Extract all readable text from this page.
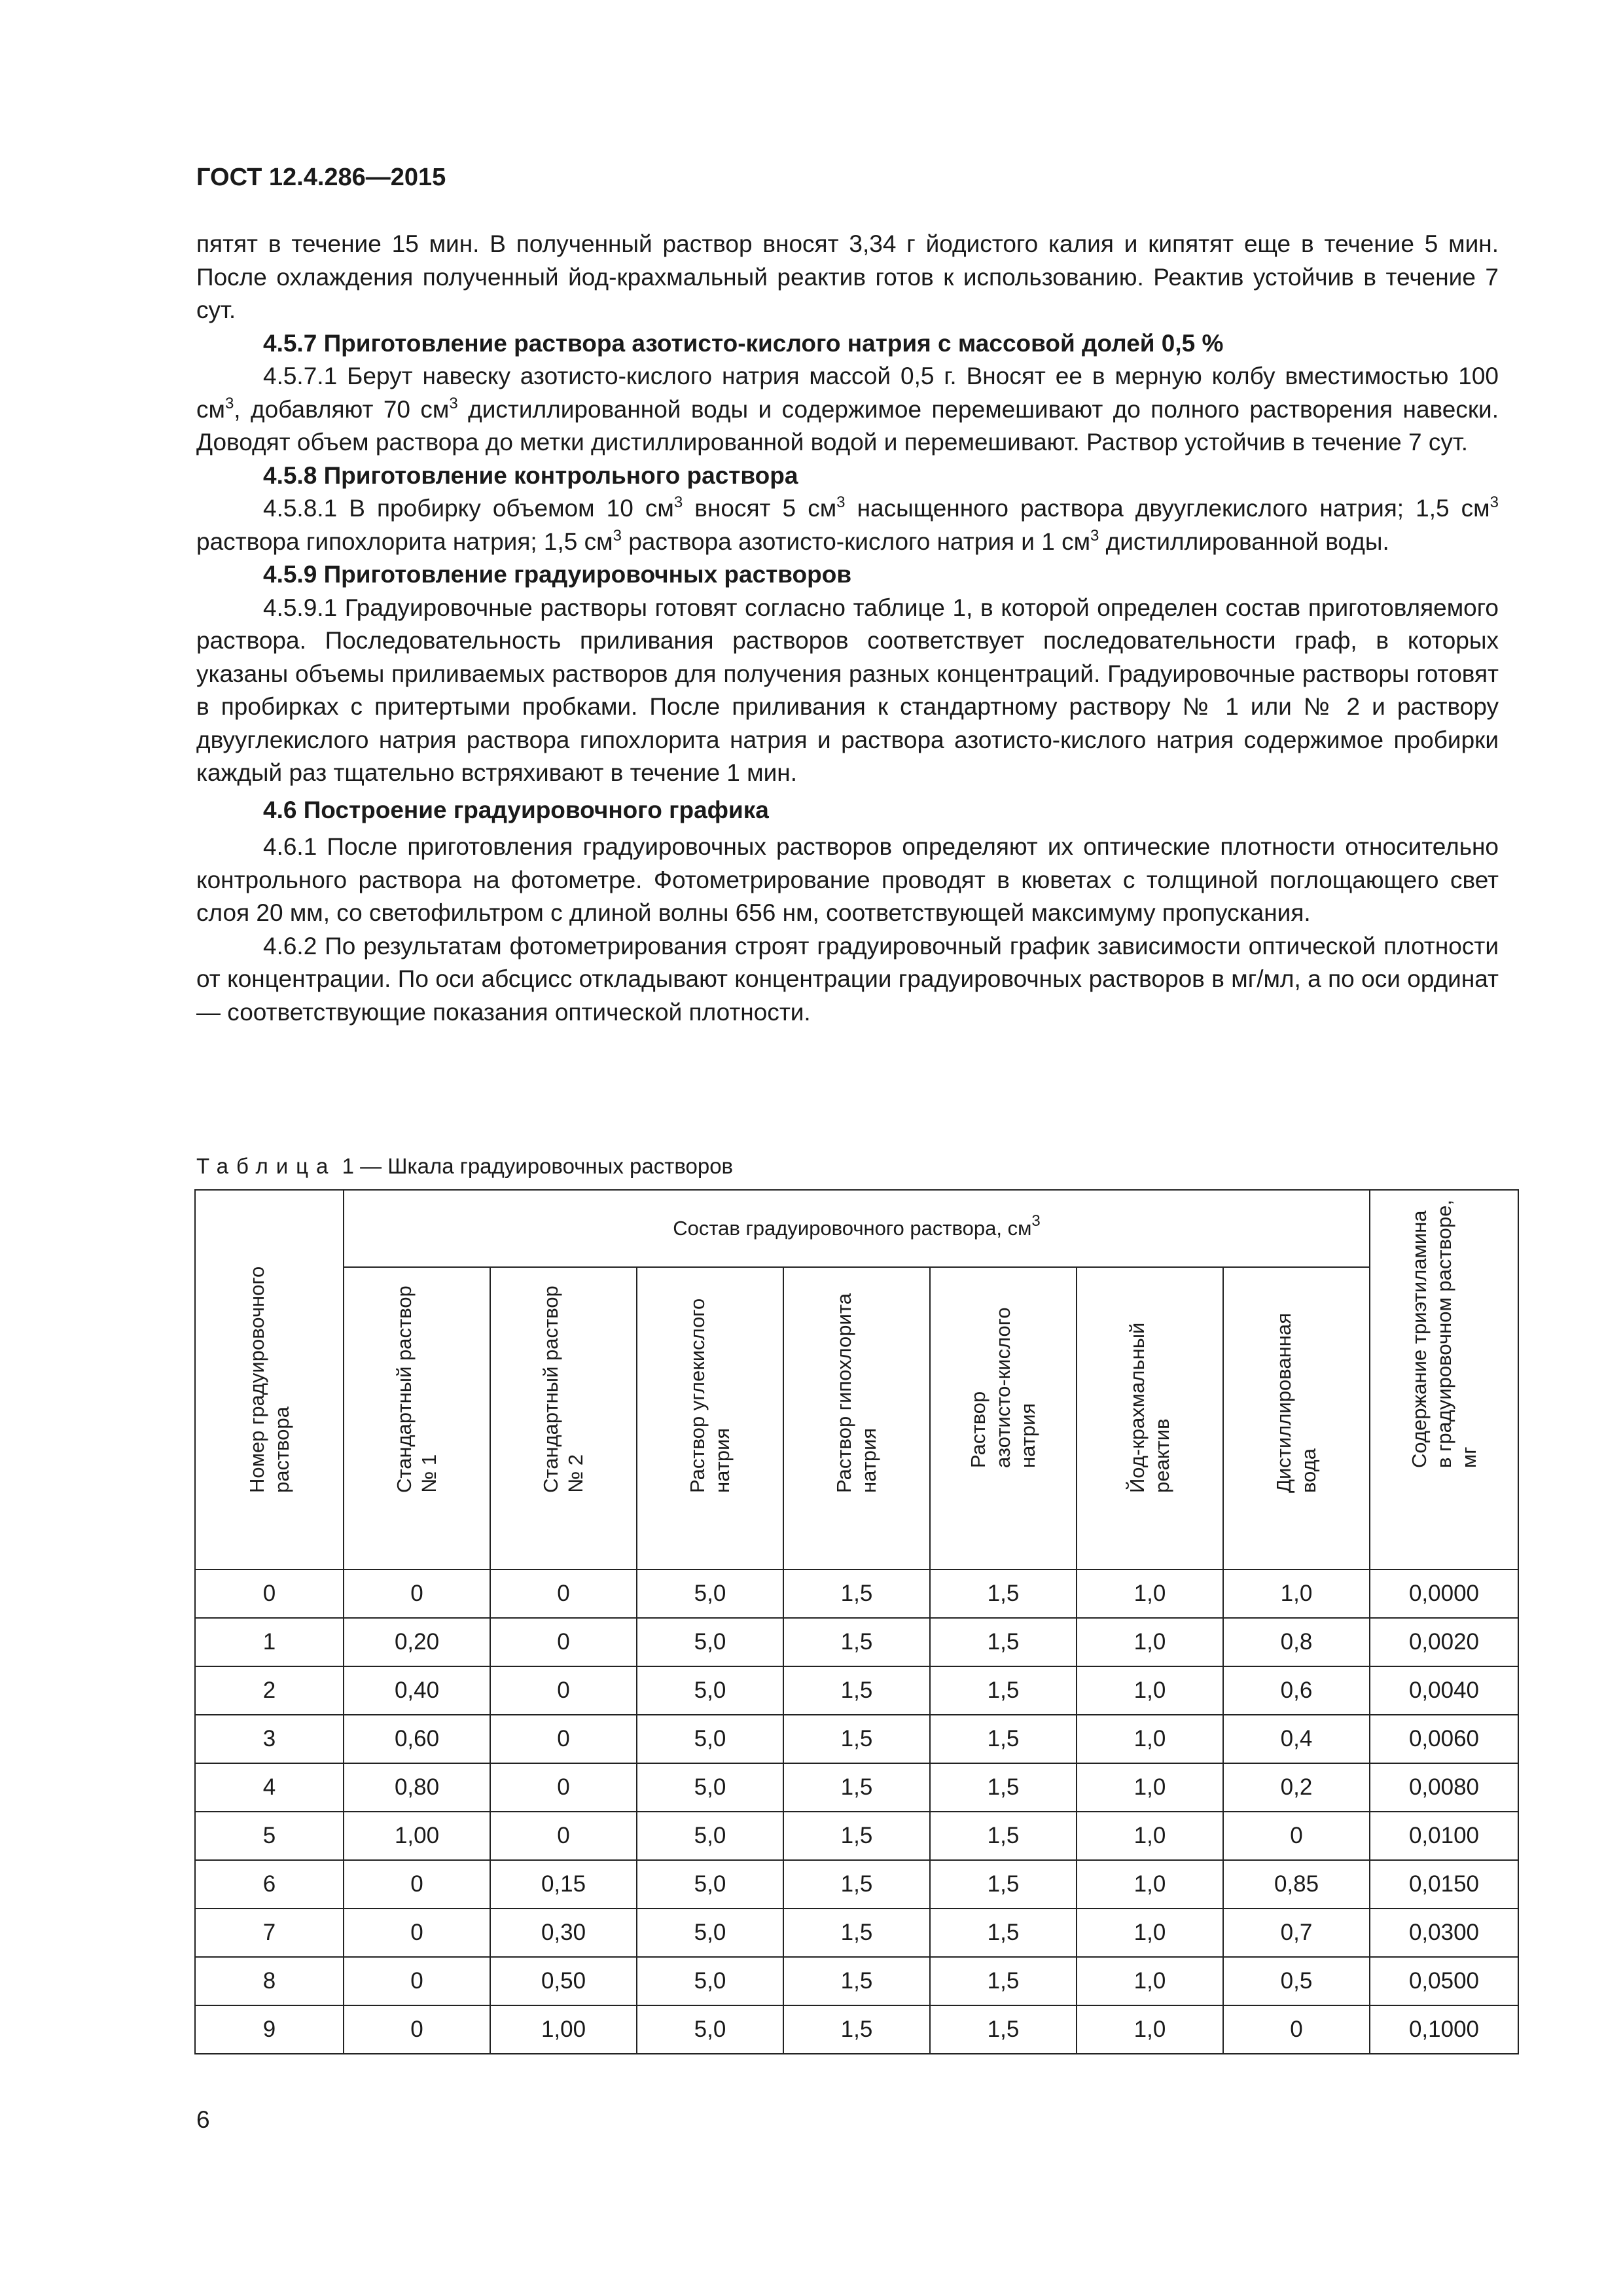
ГОСТ 12.4.286—2015

пятят в течение 15 мин. В полученный раствор вносят 3,34 г йодистого калия и кипятят еще в течение 5 мин. После охлаждения полученный йод-крахмальный реактив готов к использованию. Реактив устойчив в течение 7 сут.

4.5.7 Приготовление раствора азотисто-кислого натрия с массовой долей 0,5 %

4.5.7.1 Берут навеску азотисто-кислого натрия массой 0,5 г. Вносят ее в мерную колбу вместимостью 100 $см^3$, добавляют 70 $см^3$ дистиллированной воды и содержимое перемешивают до полного растворения навески. Доводят объем раствора до метки дистиллированной водой и перемешивают. Раствор устойчив в течение 7 сут.

4.5.8 Приготовление контрольного раствора

4.5.8.1 В пробирку объемом 10 $см^3$ вносят 5 $см^3$ насыщенного раствора двууглекислого натрия; 1,5 $см^3$ раствора гипохлорита натрия; 1,5 $см^3$ раствора азотисто-кислого натрия и 1 $см^3$ дистиллированной воды.

4.5.9 Приготовление градуировочных растворов

4.5.9.1 Градуировочные растворы готовят согласно таблице 1, в которой определен состав приготовляемого раствора. Последовательность приливания растворов соответствует последовательности граф, в которых указаны объемы приливаемых растворов для получения разных концентраций. Градуировочные растворы готовят в пробирках с притертыми пробками. После приливания к стандартному раствору № 1 или № 2 и раствору двууглекислого натрия раствора гипохлорита натрия и раствора азотисто-кислого натрия содержимое пробирки каждый раз тщательно встряхивают в течение 1 мин.

4.6 Построение градуировочного графика

4.6.1 После приготовления градуировочных растворов определяют их оптические плотности относительно контрольного раствора на фотометре. Фотометрирование проводят в кюветах с толщиной поглощающего свет слоя 20 мм, со светофильтром с длиной волны 656 нм, соответствующей максимуму пропускания.

4.6.2 По результатам фотометрирования строят градуировочный график зависимости оптической плотности от концентрации. По оси абсцисс откладывают концентрации градуировочных растворов в мг/мл, а по оси ординат — соответствующие показания оптической плотности.

Таблица 1 — Шкала градуировочных растворов
Номер градуировочного
раствора	Состав градуировочного раствора, $см^3$							Содержание триэтиламина
в градуировочном растворе,
мг

	Стандартный раствор
№ 1	Стандартный раствор
№ 2	Раствор углекислого
натрия	Раствор гипохлорита
натрия	Раствор
азотисто-кислого
натрия	Йод-крахмальный
реактив	Дистиллированная
вода	

0	0	0	5,0	1,5	1,5	1,0	1,0	0,0000
1	0,20	0	5,0	1,5	1,5	1,0	0,8	0,0020
2	0,40	0	5,0	1,5	1,5	1,0	0,6	0,0040
3	0,60	0	5,0	1,5	1,5	1,0	0,4	0,0060
4	0,80	0	5,0	1,5	1,5	1,0	0,2	0,0080
5	1,00	0	5,0	1,5	1,5	1,0	0	0,0100
6	0	0,15	5,0	1,5	1,5	1,0	0,85	0,0150
7	0	0,30	5,0	1,5	1,5	1,0	0,7	0,0300
8	0	0,50	5,0	1,5	1,5	1,0	0,5	0,0500
9	0	1,00	5,0	1,5	1,5	1,0	0	0,1000
6
